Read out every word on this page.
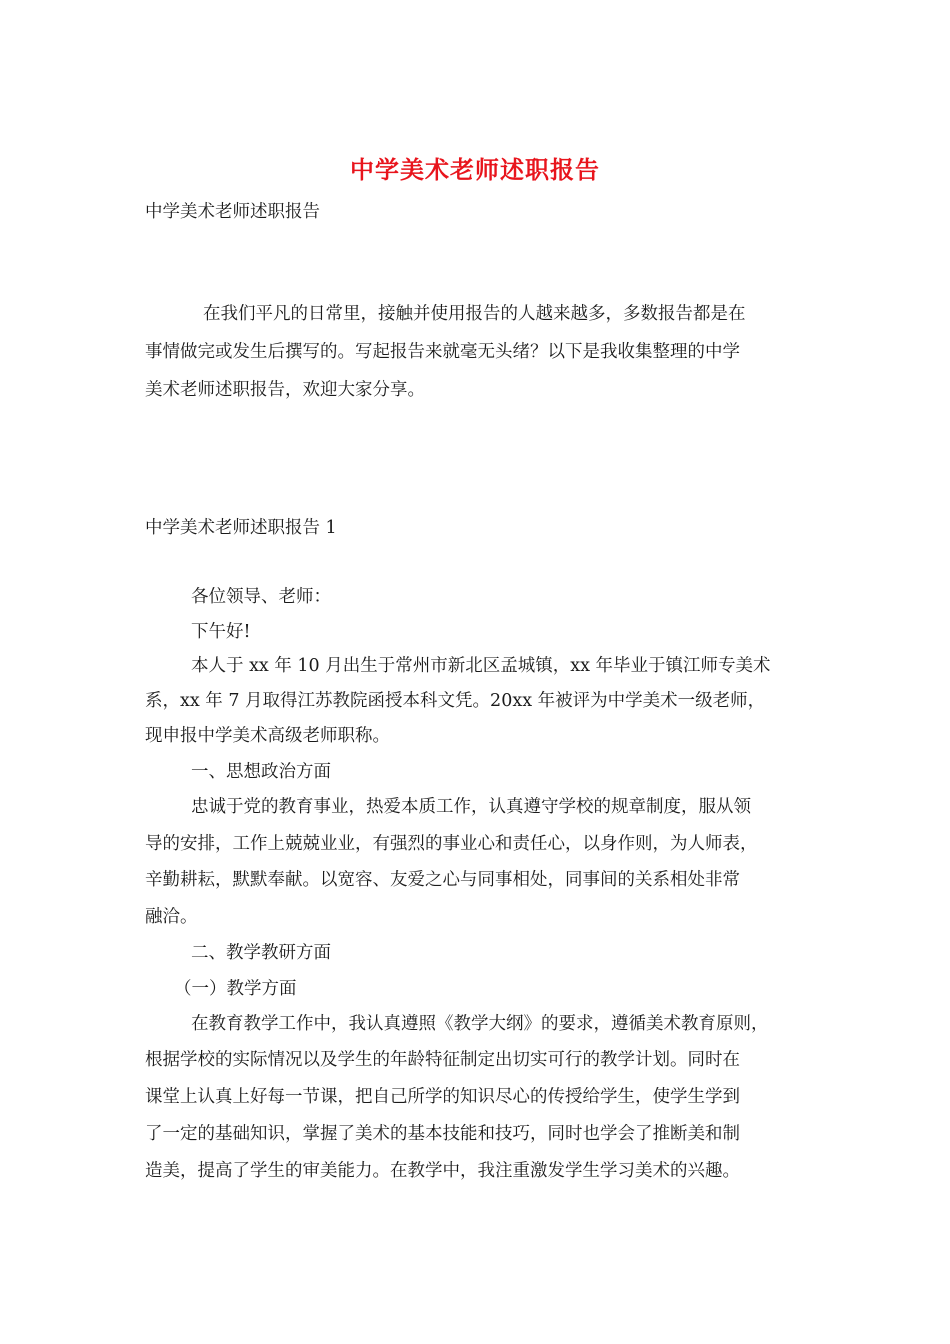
中学美术老师述职报告
中学美术老师述职报告
在我们平凡的日常里，接触并使用报告的人越来越多，多数报告都是在
事情做完或发生后撰写的。写起报告来就毫无头绪？以下是我收集整理的中学
美术老师述职报告，欢迎大家分享。
中学美术老师述职报告 1
各位领导、老师：
下午好!
本人于 xx 年 10 月出生于常州市新北区孟城镇，xx 年毕业于镇江师专美术
系，xx 年 7 月取得江苏教院函授本科文凭。20xx 年被评为中学美术一级老师，
现申报中学美术高级老师职称。
一、思想政治方面
忠诚于党的教育事业，热爱本质工作，认真遵守学校的规章制度，服从领
导的安排，工作上兢兢业业，有强烈的事业心和责任心，以身作则，为人师表，
辛勤耕耘，默默奉献。以宽容、友爱之心与同事相处，同事间的关系相处非常
融洽。
二、教学教研方面
（一）教学方面
在教育教学工作中，我认真遵照《教学大纲》的要求，遵循美术教育原则，
根据学校的实际情况以及学生的年龄特征制定出切实可行的教学计划。同时在
课堂上认真上好每一节课，把自己所学的知识尽心的传授给学生，使学生学到
了一定的基础知识，掌握了美术的基本技能和技巧，同时也学会了推断美和制
造美，提高了学生的审美能力。在教学中，我注重激发学生学习美术的兴趣。
